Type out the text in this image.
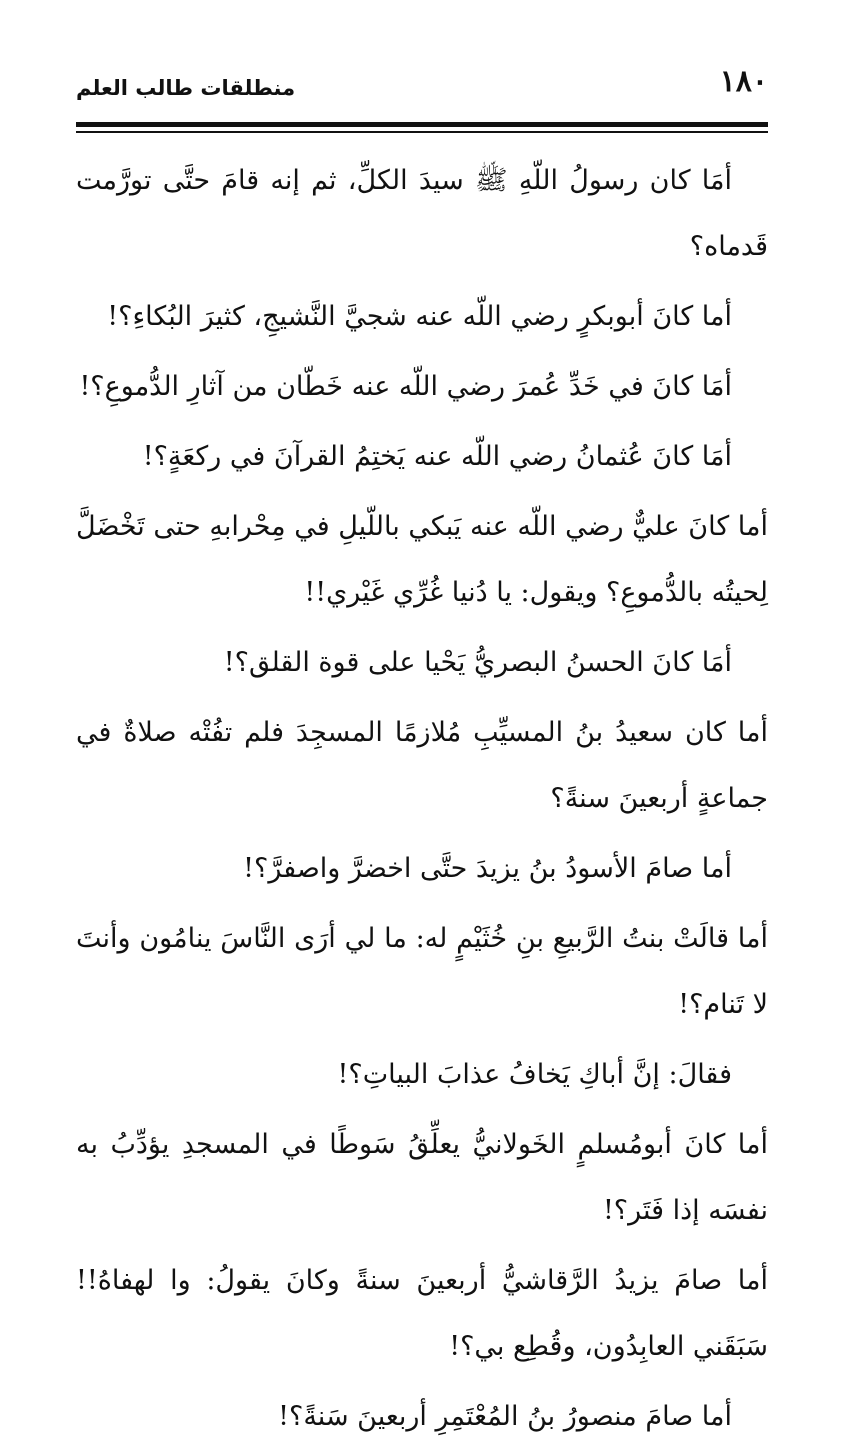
١٨٠
منطلقات طالب العلم

أمَا كان رسولُ اللّهِ ﷺ سيدَ الكلِّ، ثم إنه قامَ حتَّى تورَّمت قَدماه؟

أما كانَ أبوبكرٍ رضي اللّه عنه شجيَّ النَّشيجِ، كثيرَ البُكاءِ؟!

أمَا كانَ في خَدِّ عُمرَ رضي اللّه عنه خَطّان من آثارِ الدُّموعِ؟!

أمَا كانَ عُثمانُ رضي اللّه عنه يَختِمُ القرآنَ في ركعَةٍ؟!

أما كانَ عليٌّ رضي اللّه عنه يَبكي باللّيلِ في مِحْرابهِ حتى تَخْضَلَّ لِحيتُه بالدُّموعِ؟ ويقول: يا دُنيا غُرِّي غَيْري!!

أمَا كانَ الحسنُ البصريُّ يَحْيا على قوة القلق؟!

أما كان سعيدُ بنُ المسيِّبِ مُلازمًا المسجِدَ فلم تفُتْه صلاةٌ في جماعةٍ أربعينَ سنةً؟

أما صامَ الأسودُ بنُ يزيدَ حتَّى اخضرَّ واصفرَّ؟!

أما قالَتْ بنتُ الرَّبيعِ بنِ خُثَيْمٍ له: ما لي أرَى النَّاسَ ينامُون وأنتَ لا تَنام؟!

فقالَ: إنَّ أباكِ يَخافُ عذابَ البياتِ؟!

أما كانَ أبومُسلمٍ الخَولانيُّ يعلِّقُ سَوطًا في المسجدِ يؤدِّبُ به نفسَه إذا فَتَر؟!

أما صامَ يزيدُ الرَّقاشيُّ أربعينَ سنةً وكانَ يقولُ: وا لهفاهُ!! سَبَقَني العابِدُون، وقُطِع بي؟!

أما صامَ منصورُ بنُ المُعْتَمِرِ أربعينَ سَنةً؟!
